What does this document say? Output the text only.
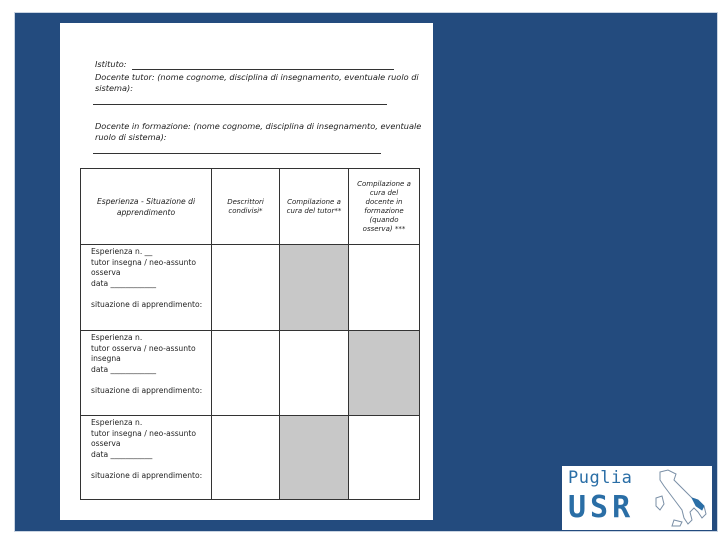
Istituto:
Docente tutor: (nome cognome, disciplina di insegnamento, eventuale ruolo di
sistema):
Docente in formazione: (nome cognome, disciplina di insegnamento, eventuale
ruolo di sistema):
Esperienza - Situazione di apprendimento	Descrittori condivisi*	Compilazione a cura del tutor**	Compilazione a cura del docente in formazione (quando osserva) ***

Esperienza n. __
tutor insegna / neo-assunto osserva
data ____________

situazione di apprendimento:			

Esperienza n.
tutor osserva / neo-assunto insegna
data ____________

situazione di apprendimento:			

Esperienza n.
tutor insegna / neo-assunto osserva
data ___________

situazione di apprendimento:			
				Puglia
USR
